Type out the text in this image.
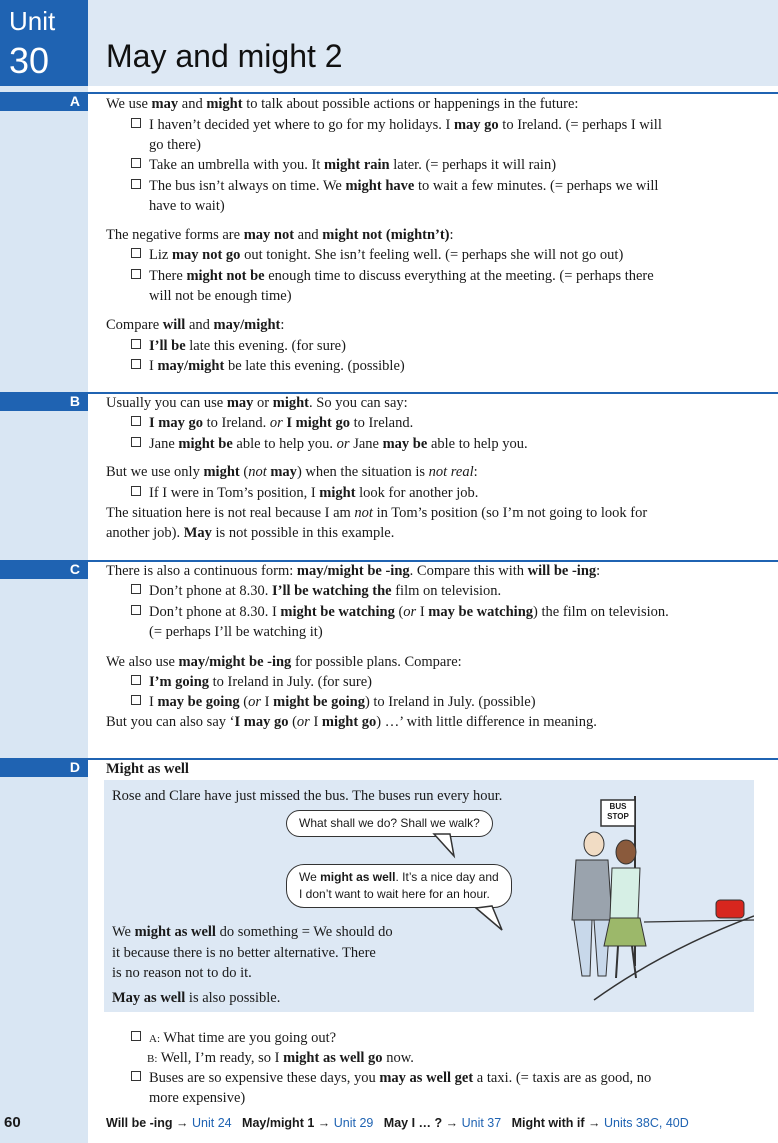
Unit
30 May and might 2
A	We use may and might to talk about possible actions or happenings in the future:
I haven’t decided yet where to go for my holidays. I may go to Ireland. (= perhaps I will
go there)
Take an umbrella with you. It might rain later. (= perhaps it will rain)
The bus isn’t always on time. We might have to wait a few minutes. (= perhaps we will
have to wait)
The negative forms are may not and might not (mightn’t):
Liz may not go out tonight. She isn’t feeling well. (= perhaps she will not go out)
There might not be enough time to discuss everything at the meeting. (= perhaps there
will not be enough time)
Compare will and may/might:
I’ll be late this evening. (for sure)
I may/might be late this evening. (possible)
B	Usually you can use may or might. So you can say:
I may go to Ireland. or I might go to Ireland.
Jane might be able to help you. or Jane may be able to help you.
But we use only might (not may) when the situation is not real:
If I were in Tom’s position, I might look for another job.
The situation here is not real because I am not in Tom’s position (so I’m not going to look for
another job). May is not possible in this example.
C	There is also a continuous form: may/might be -ing. Compare this with will be -ing:
Don’t phone at 8.30. I’ll be watching the film on television.
Don’t phone at 8.30. I might be watching (or I may be watching) the film on television.
(= perhaps I’ll be watching it)
We also use may/might be -ing for possible plans. Compare:
I’m going to Ireland in July. (for sure)
I may be going (or I might be going) to Ireland in July. (possible)
But you can also say ‘I may go (or I might go) …’ with little difference in meaning.
D	Might as well
Rose and Clare have just missed the bus. The buses run every hour.
What shall we do? Shall we walk?
We might as well. It’s a nice day and
I don’t want to wait here for an hour.
BUS STOP
We might as well do something = We should do
it because there is no better alternative. There
is no reason not to do it.
May as well is also possible.
A: What time are you going out?
B: Well, I’m ready, so I might as well go now.
Buses are so expensive these days, you may as well get a taxi. (= taxis are as good, no
more expensive)
60	Will be -ing → Unit 24 May/might 1 → Unit 29 May I … ? → Unit 37 Might with if → Units 38C, 40D
